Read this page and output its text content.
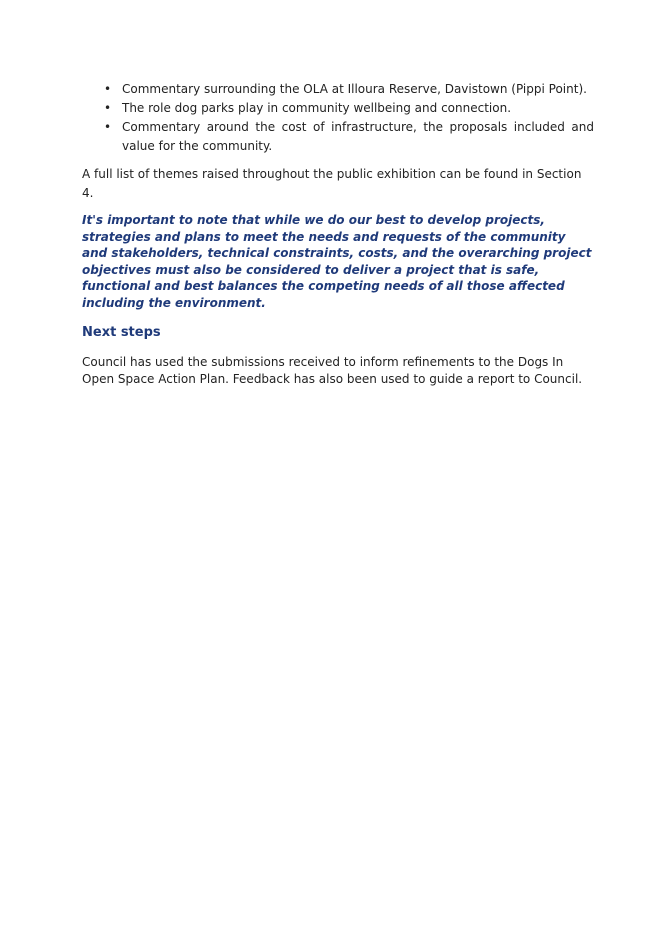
• Commentary surrounding the OLA at Illoura Reserve, Davistown (Pippi Point).
• The role dog parks play in community wellbeing and connection.
• Commentary around the cost of infrastructure, the proposals included and value for the community.

A full list of themes raised throughout the public exhibition can be found in Section 4.

It's important to note that while we do our best to develop projects, strategies and plans to meet the needs and requests of the community and stakeholders, technical constraints, costs, and the overarching project objectives must also be considered to deliver a project that is safe, functional and best balances the competing needs of all those affected including the environment.

Next steps

Council has used the submissions received to inform refinements to the Dogs In Open Space Action Plan. Feedback has also been used to guide a report to Council.
